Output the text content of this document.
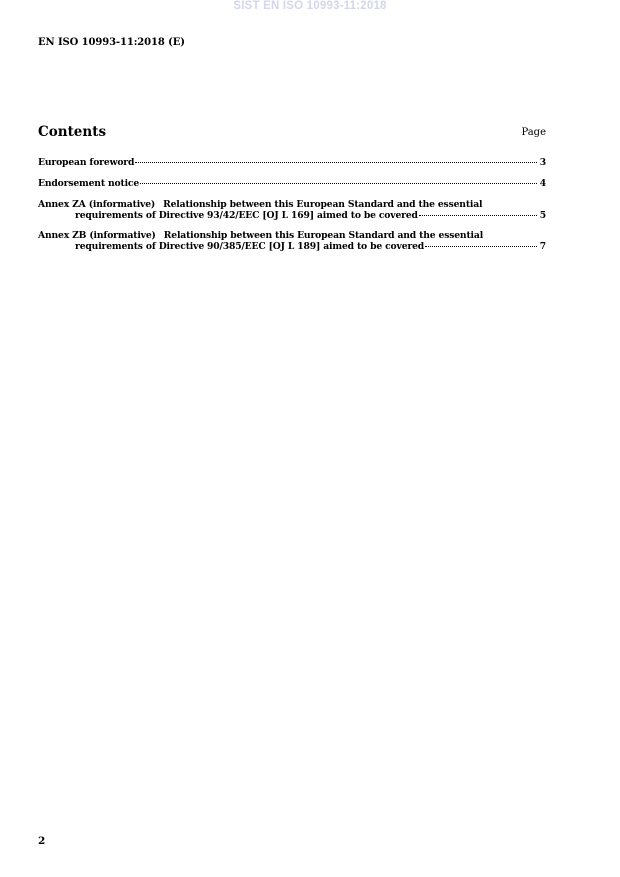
SIST EN ISO 10993-11:2018
EN ISO 10993-11:2018 (E)
Contents	Page
European foreword	3
Endorsement notice	4
Annex ZA (informative) Relationship between this European Standard and the essential
requirements of Directive 93/42/EEC [OJ L 169] aimed to be covered	5
Annex ZB (informative) Relationship between this European Standard and the essential
requirements of Directive 90/385/EEC [OJ L 189] aimed to be covered	7
2
